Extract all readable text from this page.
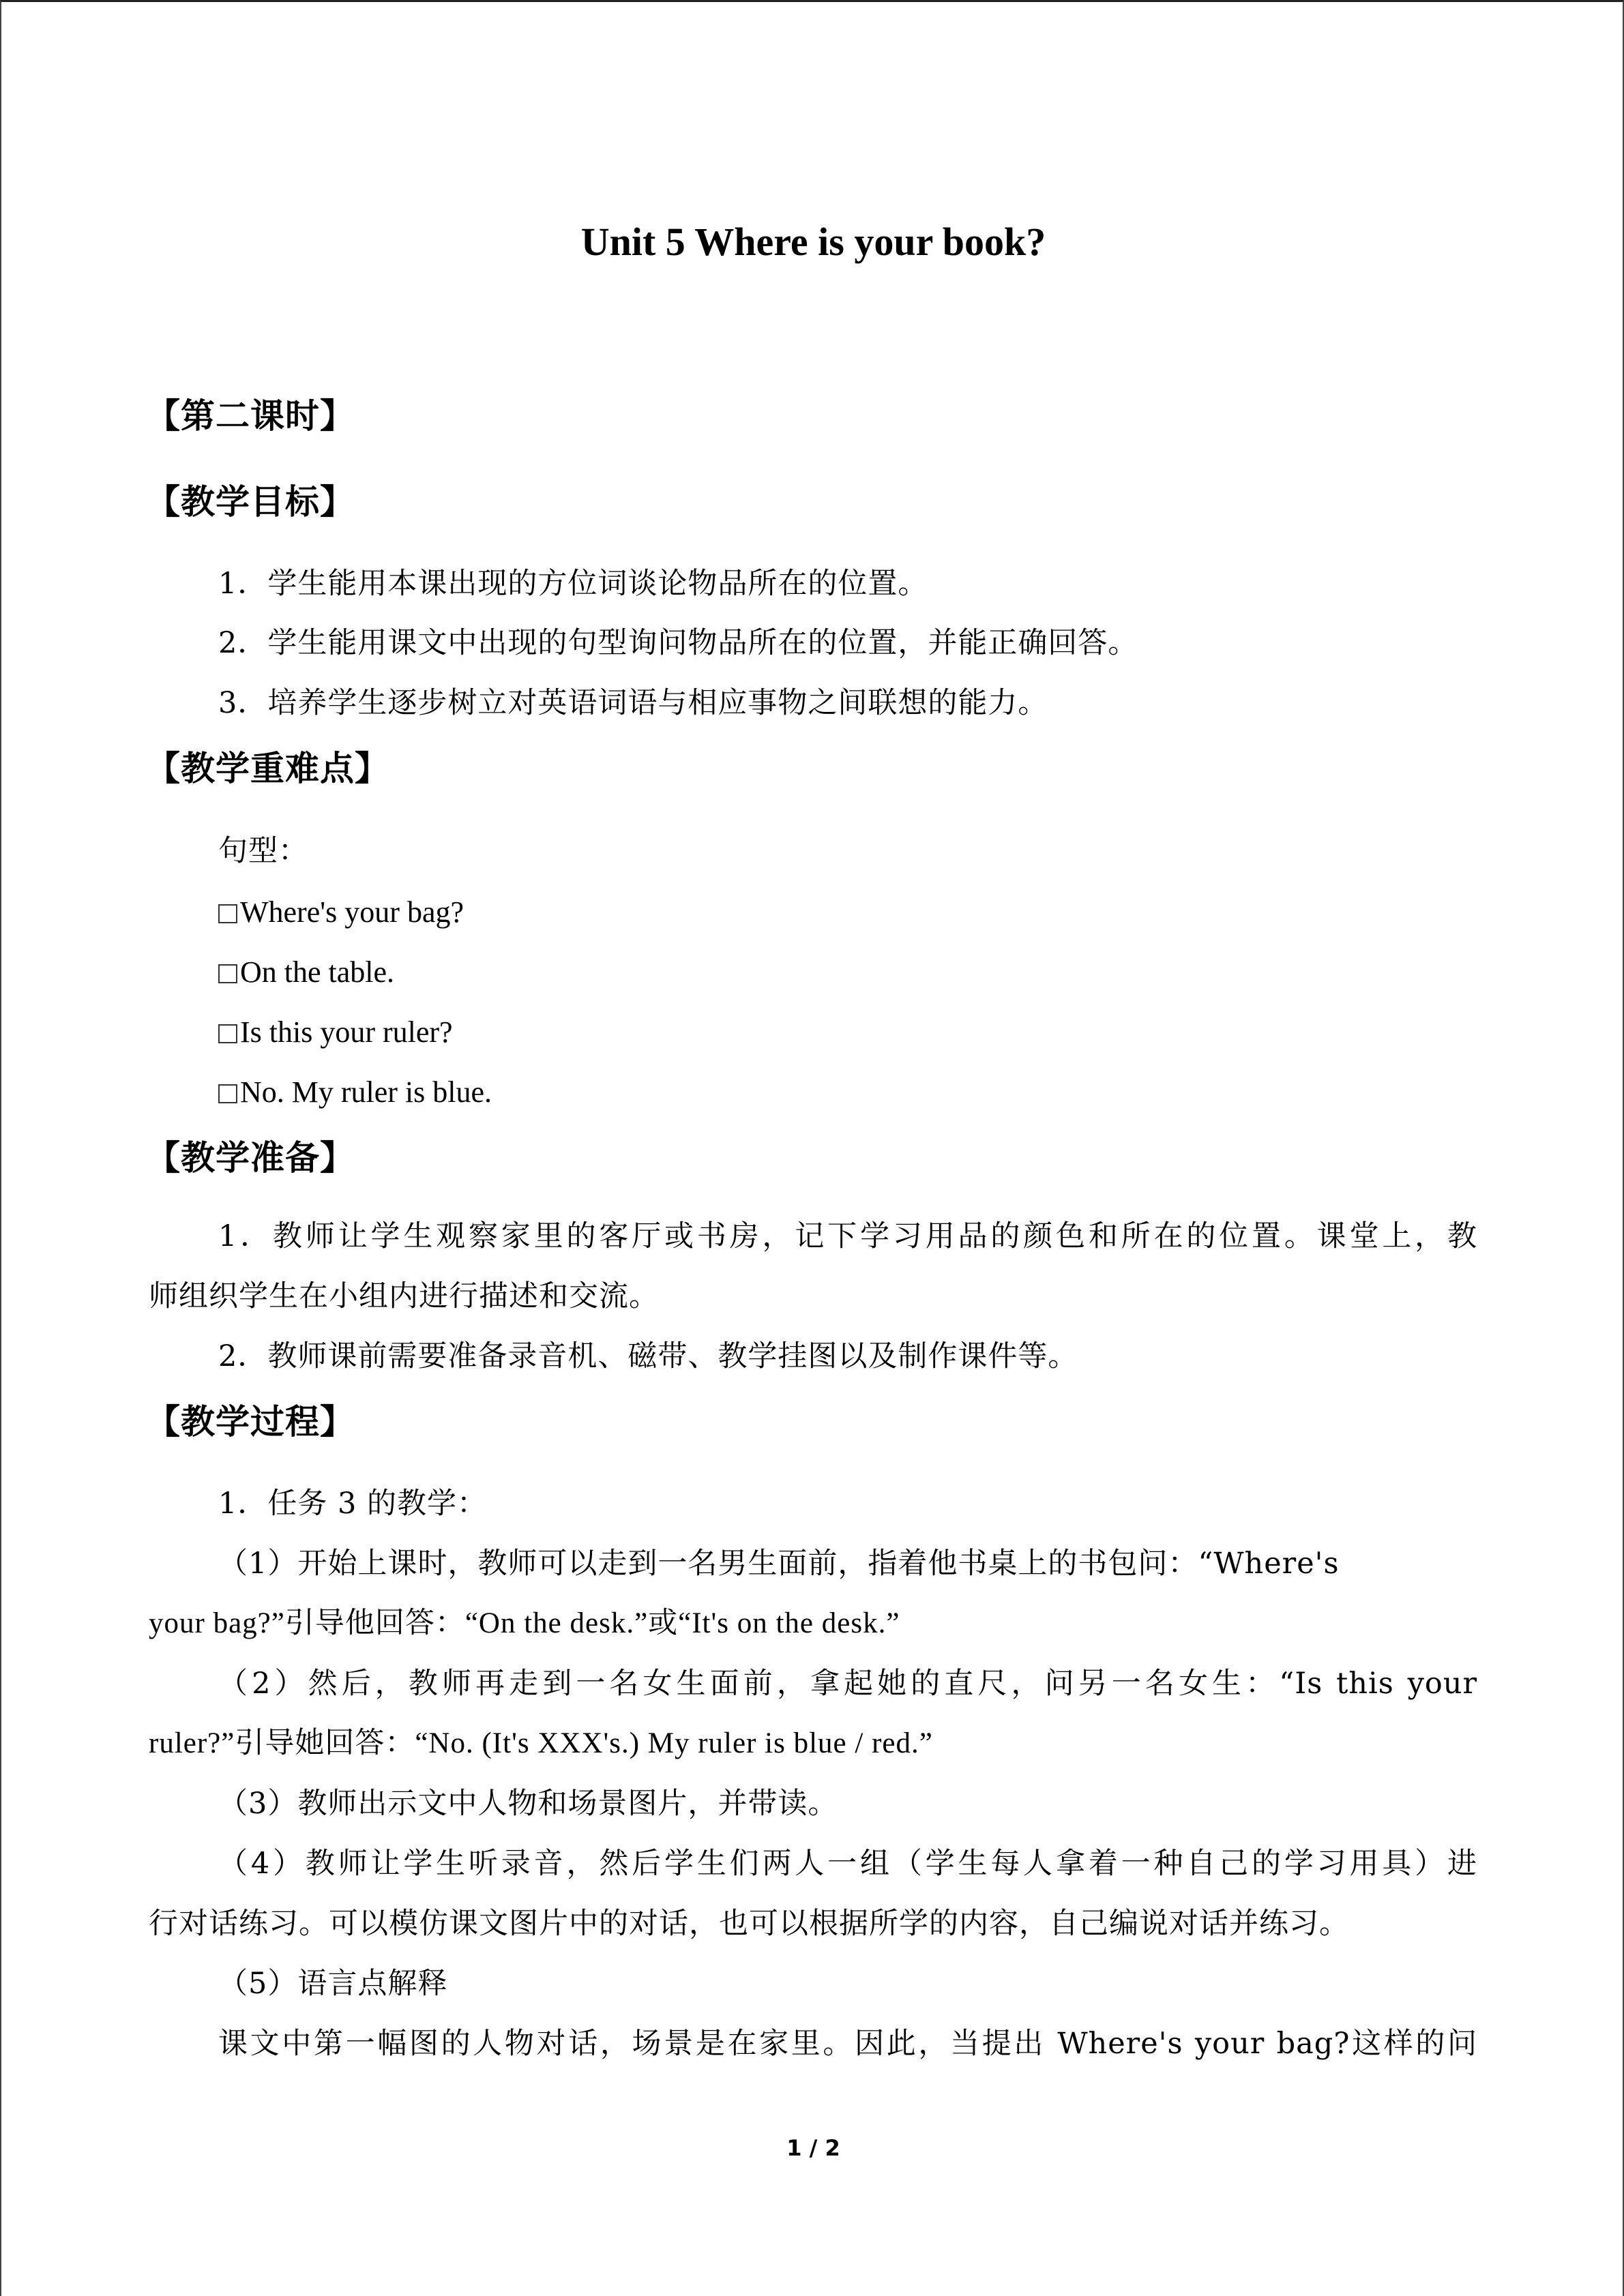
Unit 5 Where is your book?
【第二课时】
【教学目标】
1．学生能用本课出现的方位词谈论物品所在的位置。
2．学生能用课文中出现的句型询问物品所在的位置，并能正确回答。
3．培养学生逐步树立对英语词语与相应事物之间联想的能力。
【教学重难点】
句型：
Where's your bag?
On the table.
Is this your ruler?
No. My ruler is blue.
【教学准备】
1．教师让学生观察家里的客厅或书房，记下学习用品的颜色和所在的位置。课堂上，教
师组织学生在小组内进行描述和交流。
2．教师课前需要准备录音机、磁带、教学挂图以及制作课件等。
【教学过程】
1．任务 3 的教学：
（1）开始上课时，教师可以走到一名男生面前，指着他书桌上的书包问：“Where's
your bag?”引导他回答：“On the desk.”或“It's on the desk.”
（2）然后，教师再走到一名女生面前，拿起她的直尺，问另一名女生：“Is this your
ruler?”引导她回答：“No. (It's XXX's.) My ruler is blue / red.”
（3）教师出示文中人物和场景图片，并带读。
（4）教师让学生听录音，然后学生们两人一组（学生每人拿着一种自己的学习用具）进
行对话练习。可以模仿课文图片中的对话，也可以根据所学的内容，自己编说对话并练习。
（5）语言点解释
课文中第一幅图的人物对话，场景是在家里。因此，当提出 Where's your bag?这样的问
1 / 2
